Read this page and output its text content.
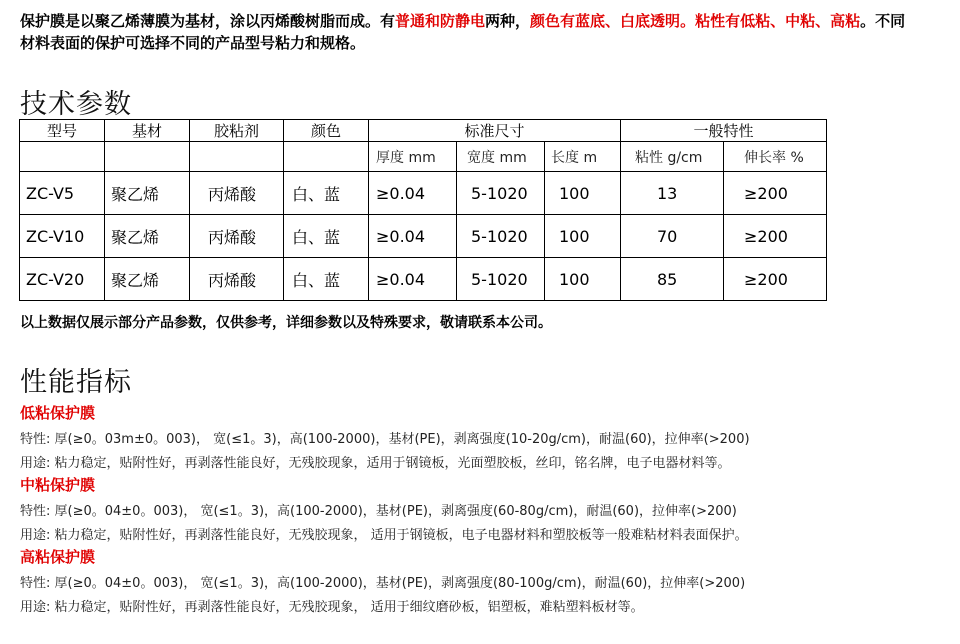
保护膜是以聚乙烯薄膜为基材，涂以丙烯酸树脂而成。有普通和防静电两种，颜色有蓝底、白底透明。粘性有低粘、中粘、高粘。不同材料表面的保护可选择不同的产品型号粘力和规格。
技术参数
型号	基材	胶粘剂	颜色	标准尺寸			一般特性	
				厚度 mm	宽度 mm	长度 m	粘性 g/cm	伸长率 %
ZC-V5	聚乙烯	丙烯酸	白、蓝	≥0.04	5-1020	100	13	≥200
ZC-V10	聚乙烯	丙烯酸	白、蓝	≥0.04	5-1020	100	70	≥200
ZC-V20	聚乙烯	丙烯酸	白、蓝	≥0.04	5-1020	100	85	≥200
以上数据仅展示部分产品参数，仅供参考，详细参数以及特殊要求，敬请联系本公司。
性能指标
低粘保护膜
特性: 厚(≥0。03m±0。003)， 宽(≤1。3)，高(100-2000)，基材(PE)，剥离强度(10-20g/cm)，耐温(60)，拉伸率(>200)
用途: 粘力稳定，贴附性好，再剥落性能良好，无残胶现象，适用于钢镜板，光面塑胶板，丝印，铭名牌，电子电器材料等。
中粘保护膜
特性: 厚(≥0。04±0。003)， 宽(≤1。3)，高(100-2000)，基材(PE)，剥离强度(60-80g/cm)，耐温(60)，拉伸率(>200)
用途: 粘力稳定，贴附性好，再剥落性能良好，无残胶现象， 适用于钢镜板，电子电器材料和塑胶板等一般难粘材料表面保护。
高粘保护膜
特性: 厚(≥0。04±0。003)， 宽(≤1。3)，高(100-2000)，基材(PE)，剥离强度(80-100g/cm)，耐温(60)，拉伸率(>200)
用途: 粘力稳定，贴附性好，再剥落性能良好，无残胶现象， 适用于细纹磨砂板，铝塑板，难粘塑料板材等。
